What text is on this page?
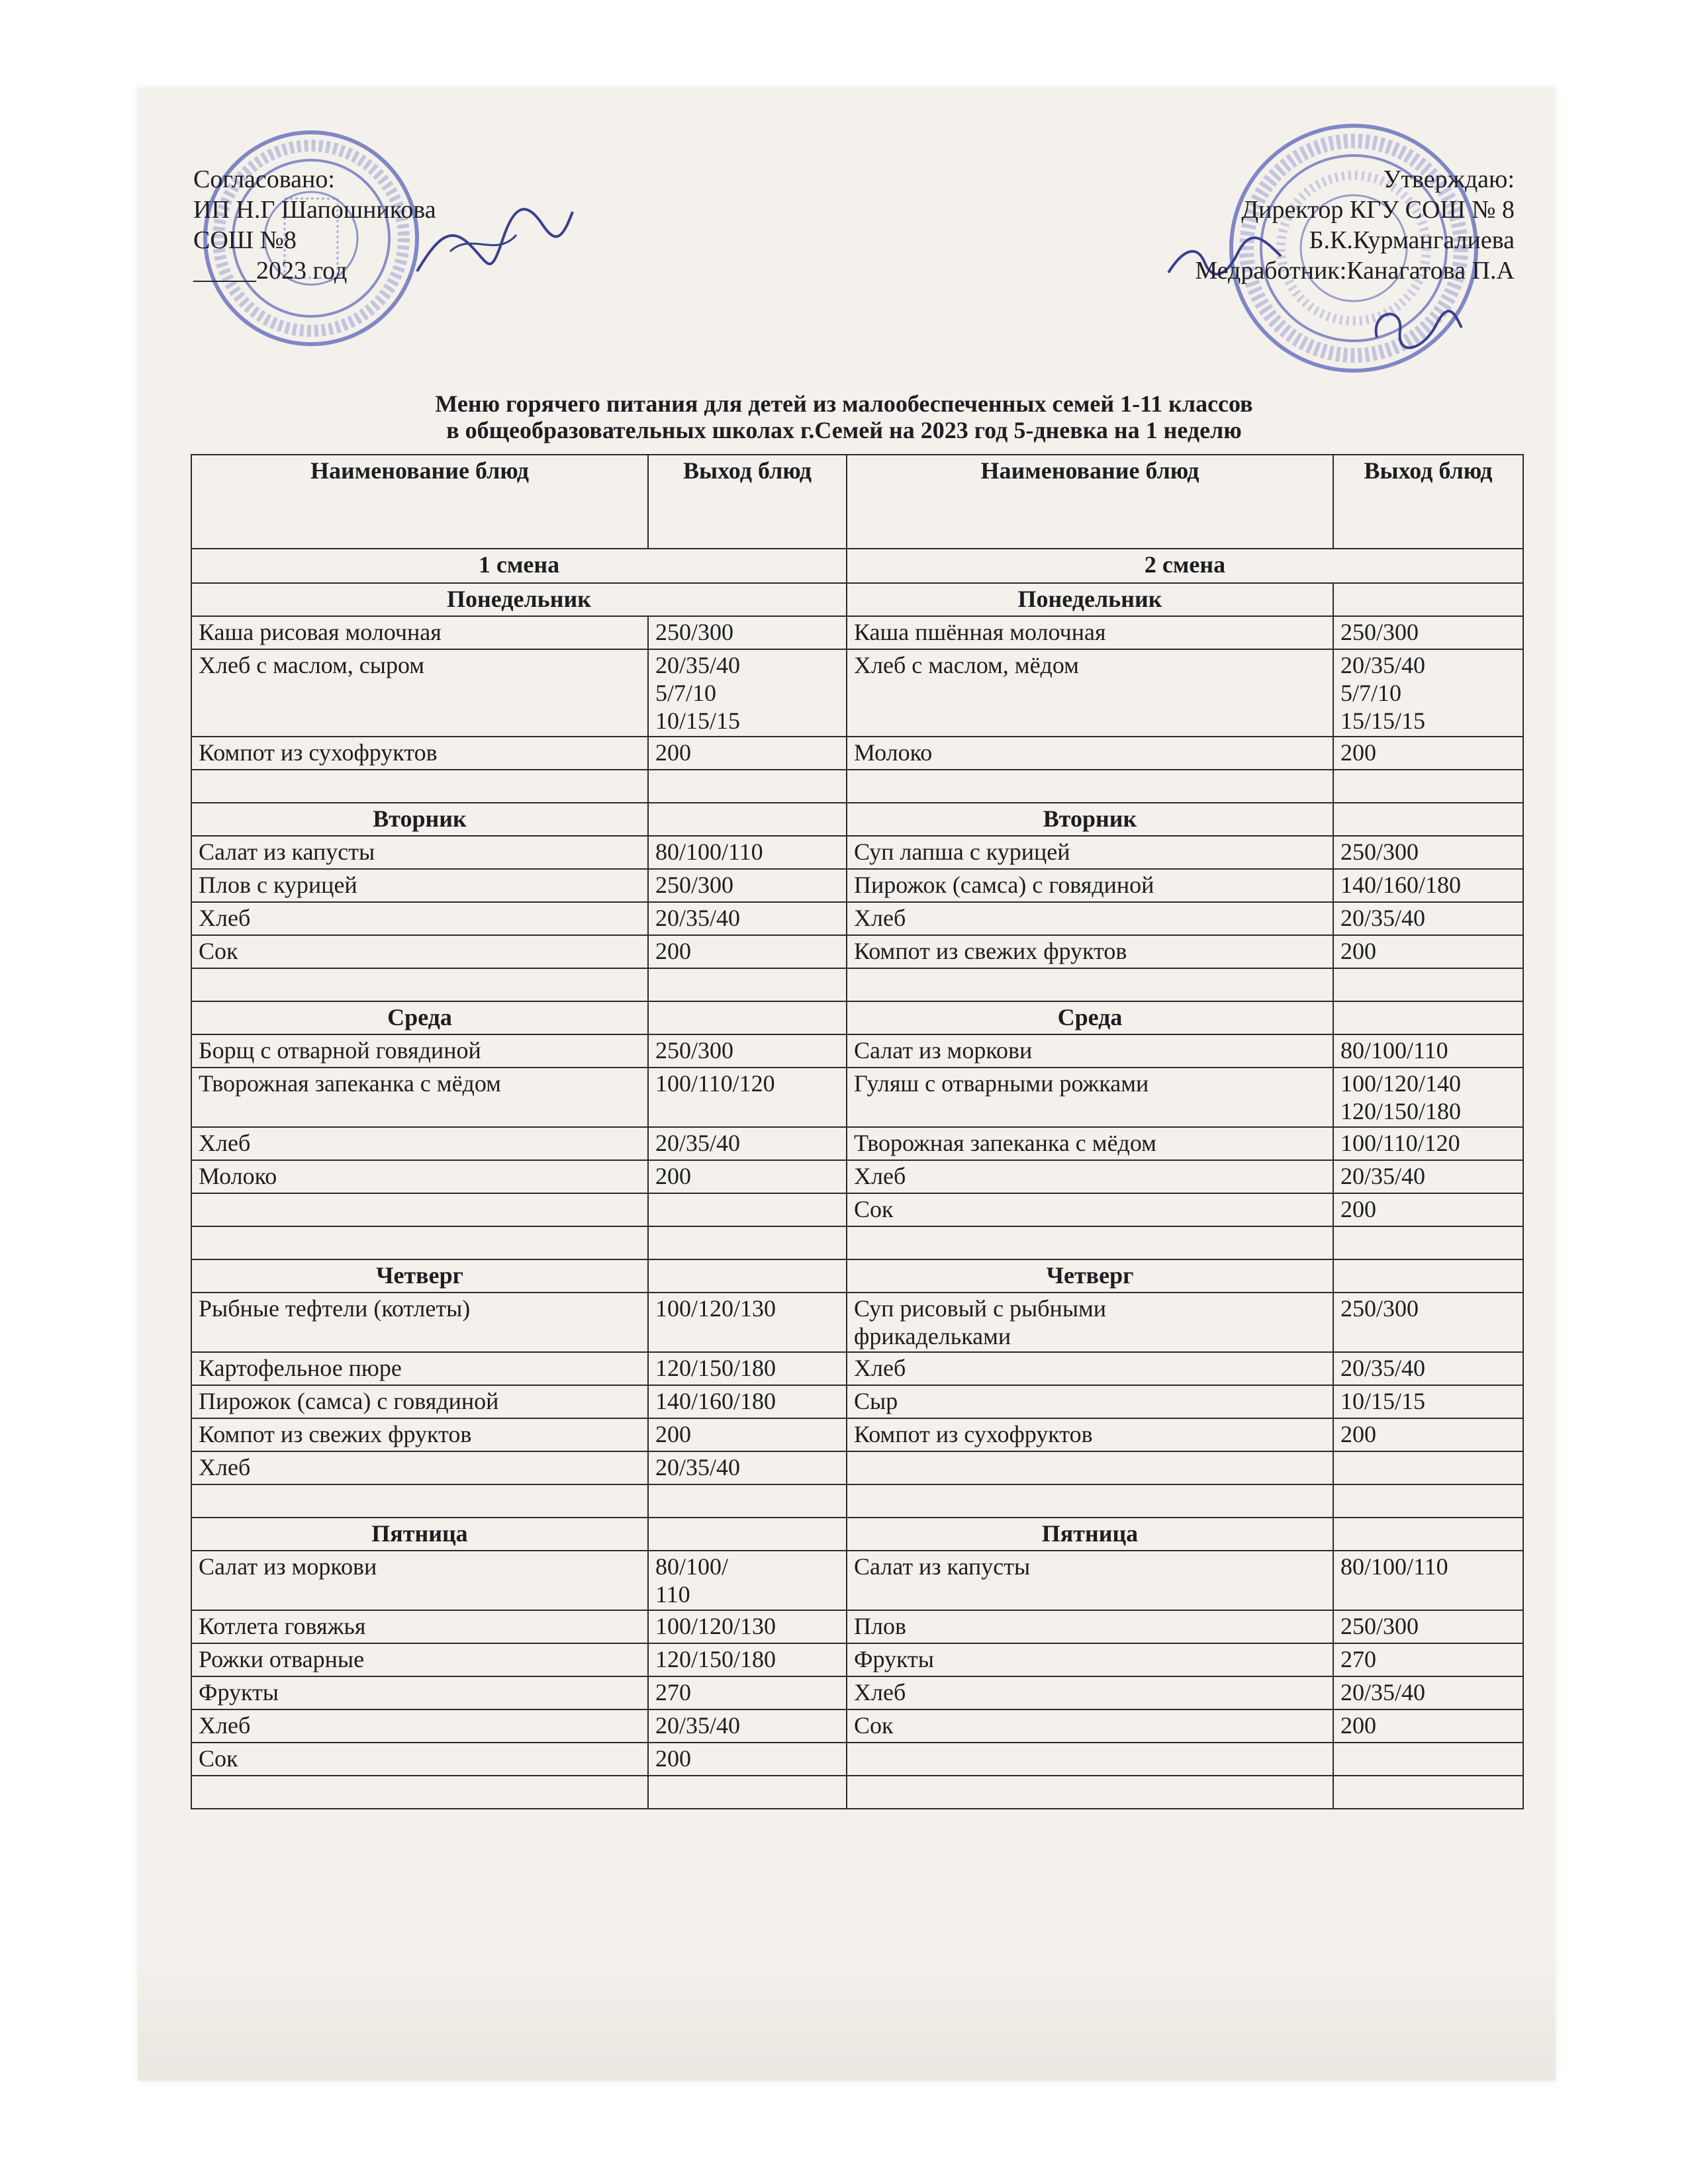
Согласовано:
ИП Н.Г Шапошникова
СОШ №8
_____2023 год
Утверждаю:
Директор КГУ СОШ № 8
Б.К.Курмангалиева
Медработник:Канагатова П.А
Меню горячего питания для детей из малообеспеченных семей 1-11 классов
в общеобразовательных школах г.Семей на 2023 год 5-дневка на 1 неделю
Наименование блюд	Выход блюд	Наименование блюд	Выход блюд
1 смена		2 смена	
Понедельник		Понедельник	
Каша рисовая молочная	250/300	Каша пшённая молочная	250/300
Хлеб с маслом, сыром	20/35/40
5/7/10
10/15/15	Хлеб с маслом, мёдом	20/35/40
5/7/10
15/15/15
Компот из сухофруктов	200	Молоко	200

Вторник		Вторник	
Салат из капусты	80/100/110	Суп лапша с курицей	250/300
Плов с курицей	250/300	Пирожок (самса) с говядиной	140/160/180
Хлеб	20/35/40	Хлеб	20/35/40
Сок	200	Компот из свежих фруктов	200

Среда		Среда	
Борщ с отварной говядиной	250/300	Салат из моркови	80/100/110
Творожная запеканка с мёдом	100/110/120	Гуляш с отварными рожками	100/120/140
120/150/180
Хлеб	20/35/40	Творожная запеканка с мёдом	100/110/120
Молоко	200	Хлеб	20/35/40
		Сок	200

Четверг		Четверг	
Рыбные тефтели (котлеты)	100/120/130	Суп рисовый с рыбными
фрикадельками	250/300
Картофельное пюре	120/150/180	Хлеб	20/35/40
Пирожок (самса) с говядиной	140/160/180	Сыр	10/15/15
Компот из свежих фруктов	200	Компот из сухофруктов	200
Хлеб	20/35/40		

Пятница		Пятница	
Салат из моркови	80/100/
110	Салат из капусты	80/100/110
Котлета говяжья	100/120/130	Плов	250/300
Рожки отварные	120/150/180	Фрукты	270
Фрукты	270	Хлеб	20/35/40
Хлеб	20/35/40	Сок	200
Сок	200		
